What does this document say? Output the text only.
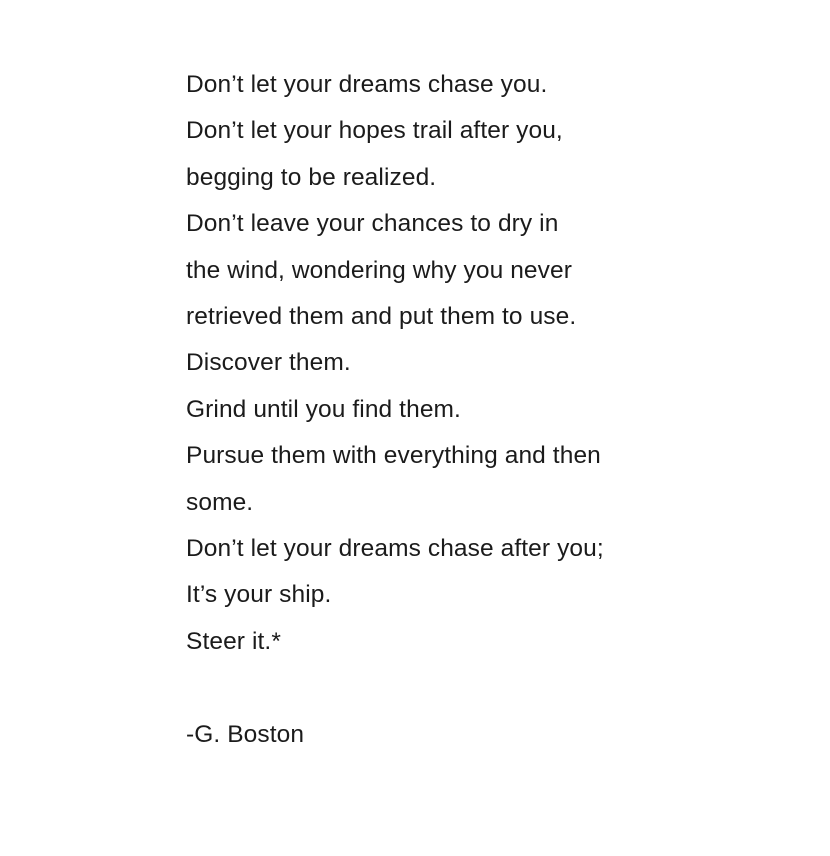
Don’t let your dreams chase you.
Don’t let your hopes trail after you,
begging to be realized.
Don’t leave your chances to dry in
the wind, wondering why you never
retrieved them and put them to use.
Discover them.
Grind until you find them.
Pursue them with everything and then
some.
Don’t let your dreams chase after you;
It’s your ship.
Steer it.*
-G. Boston
